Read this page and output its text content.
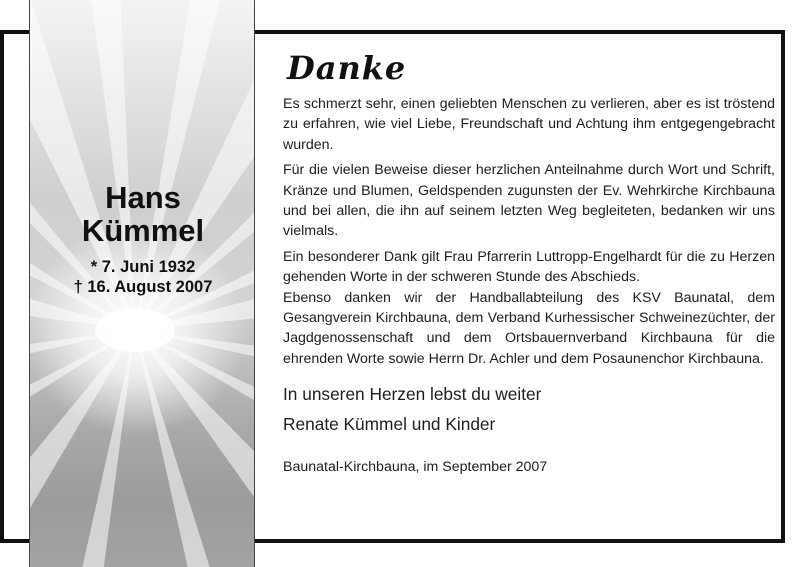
Hans
Kümmel
* 7. Juni 1932
† 16. August 2007
Danke

Es schmerzt sehr, einen geliebten Menschen zu verlieren, aber es ist tröstend zu erfahren, wie viel Liebe, Freundschaft und Achtung ihm entgegengebracht wurden.

Für die vielen Beweise dieser herzlichen Anteilnahme durch Wort und Schrift, Kränze und Blumen, Geldspenden zugunsten der Ev. Wehrkirche Kirchbauna und bei allen, die ihn auf seinem letzten Weg begleiteten, bedanken wir uns vielmals.

Ein besonderer Dank gilt Frau Pfarrerin Luttropp-Engelhardt für die zu Herzen gehenden Worte in der schweren Stunde des Abschieds.

Ebenso danken wir der Handballabteilung des KSV Baunatal, dem Gesangverein Kirchbauna, dem Verband Kurhessischer Schweinezüchter, der Jagdgenossenschaft und dem Ortsbauernverband Kirchbauna für die ehrenden Worte sowie Herrn Dr. Achler und dem Posaunenchor Kirchbauna.

In unseren Herzen lebst du weiter

Renate Kümmel und Kinder

Baunatal-Kirchbauna, im September 2007
